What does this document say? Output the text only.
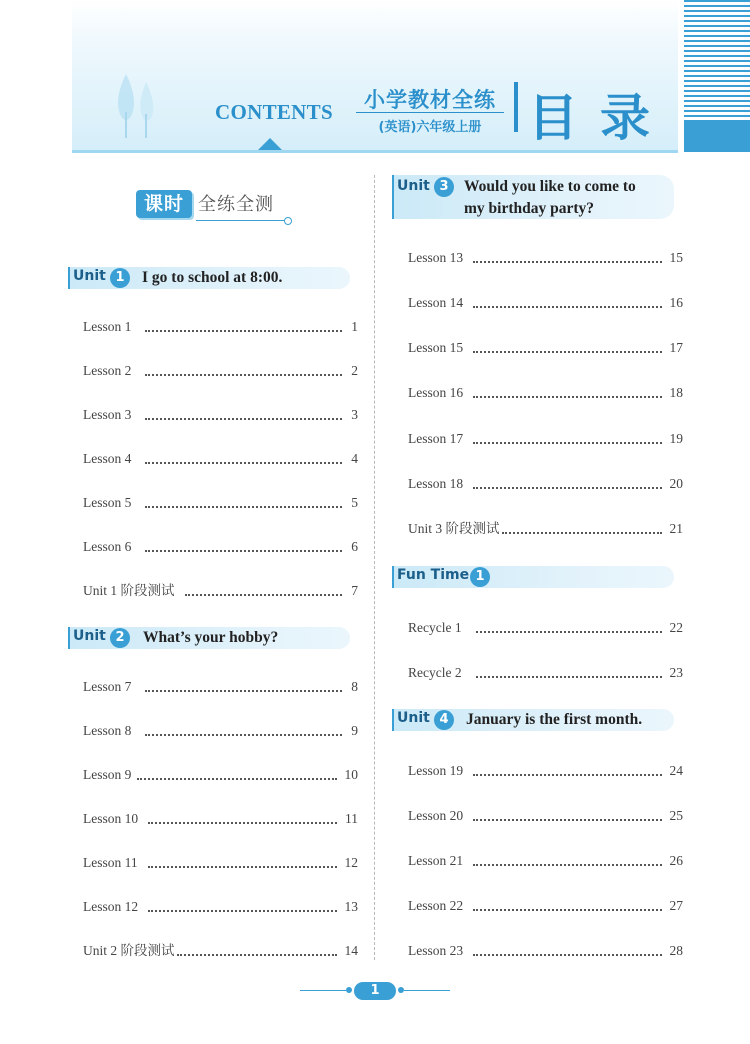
CONTENTS	小学教材全练
(英语)六年级上册 目录
课时 全练全测
Unit 1	I go to school at 8:00.
Lesson 1	1
Lesson 2	2
Lesson 3	3
Lesson 4	4
Lesson 5	5
Lesson 6	6
Unit 1 阶段测试	7
Unit 2	What’s your hobby?
Lesson 7	8
Lesson 8	9
Lesson 9	10
Lesson 10	11
Lesson 11	12
Lesson 12	13
Unit 2 阶段测试	14
Unit 3 Would you like to come to
my birthday party?
Lesson 13	15
Lesson 14	16
Lesson 15	17
Lesson 16	18
Lesson 17	19
Lesson 18	20
Unit 3 阶段测试	21
Fun Time 1
Recycle 1	22
Recycle 2	23
Unit 4	January is the first month.
Lesson 19	24
Lesson 20	25
Lesson 21	26
Lesson 22	27
Lesson 23	28
1
